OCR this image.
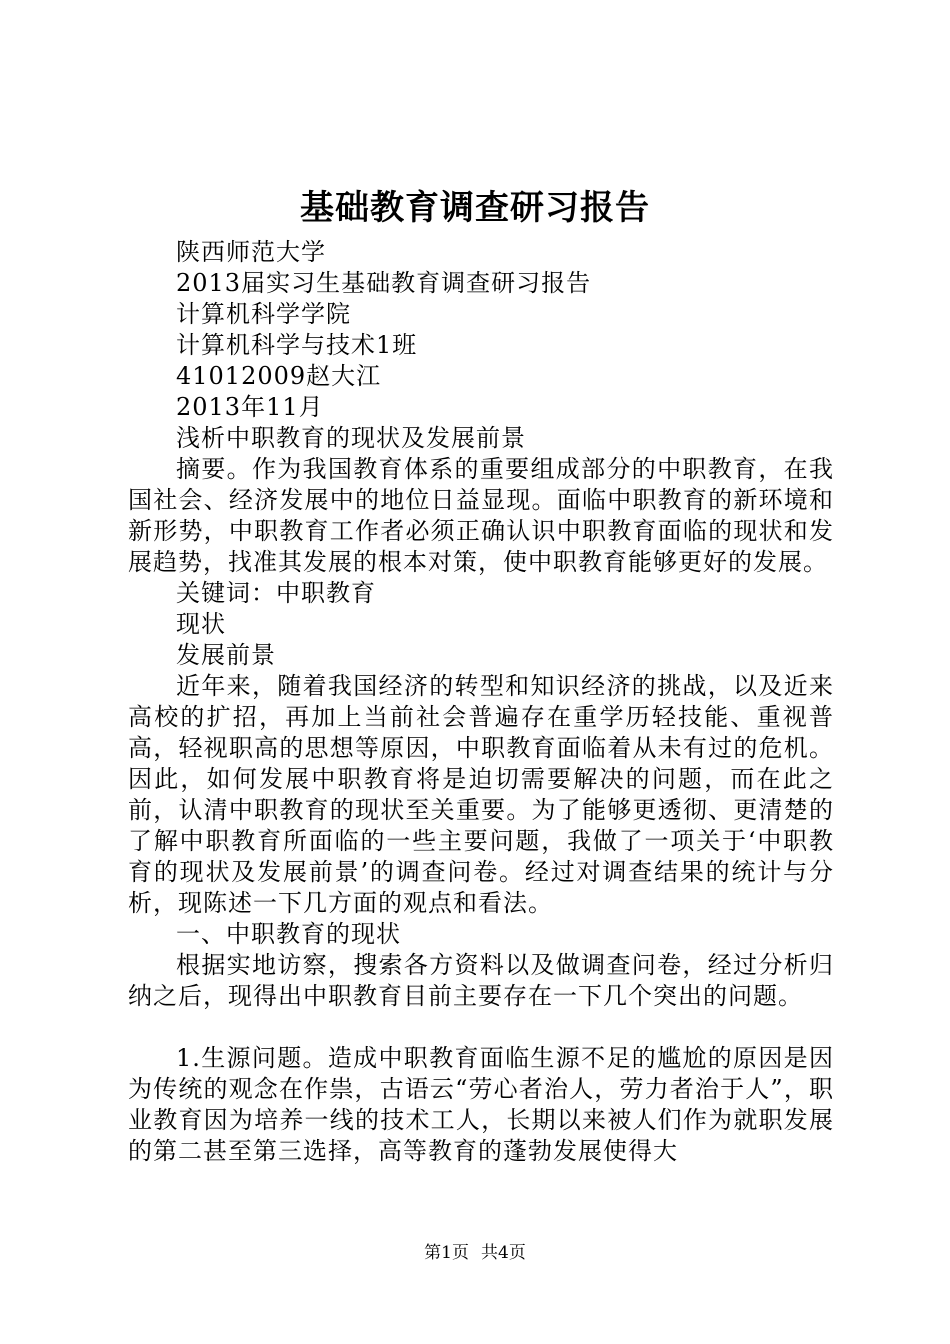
基础教育调查研习报告

陕西师范大学

2013届实习生基础教育调查研习报告

计算机科学学院

计算机科学与技术1班

41012009赵大江

2013年11月

浅析中职教育的现状及发展前景

摘要。作为我国教育体系的重要组成部分的中职教育，在我国社会、经济发展中的地位日益显现。面临中职教育的新环境和新形势，中职教育工作者必须正确认识中职教育面临的现状和发展趋势，找准其发展的根本对策，使中职教育能够更好的发展。

关键词：中职教育

现状

发展前景

近年来，随着我国经济的转型和知识经济的挑战，以及近来高校的扩招，再加上当前社会普遍存在重学历轻技能、重视普高，轻视职高的思想等原因，中职教育面临着从未有过的危机。因此，如何发展中职教育将是迫切需要解决的问题，而在此之前，认清中职教育的现状至关重要。为了能够更透彻、更清楚的了解中职教育所面临的一些主要问题，我做了一项关于‘中职教育的现状及发展前景’的调查问卷。经过对调查结果的统计与分析，现陈述一下几方面的观点和看法。

一、中职教育的现状

根据实地访察，搜索各方资料以及做调查问卷，经过分析归纳之后，现得出中职教育目前主要存在一下几个突出的问题。

1.生源问题。造成中职教育面临生源不足的尴尬的原因是因为传统的观念在作祟，古语云“劳心者治人，劳力者治于人”，职业教育因为培养一线的技术工人，长期以来被人们作为就职发展的第二甚至第三选择，高等教育的蓬勃发展使得大

第1页 共4页
